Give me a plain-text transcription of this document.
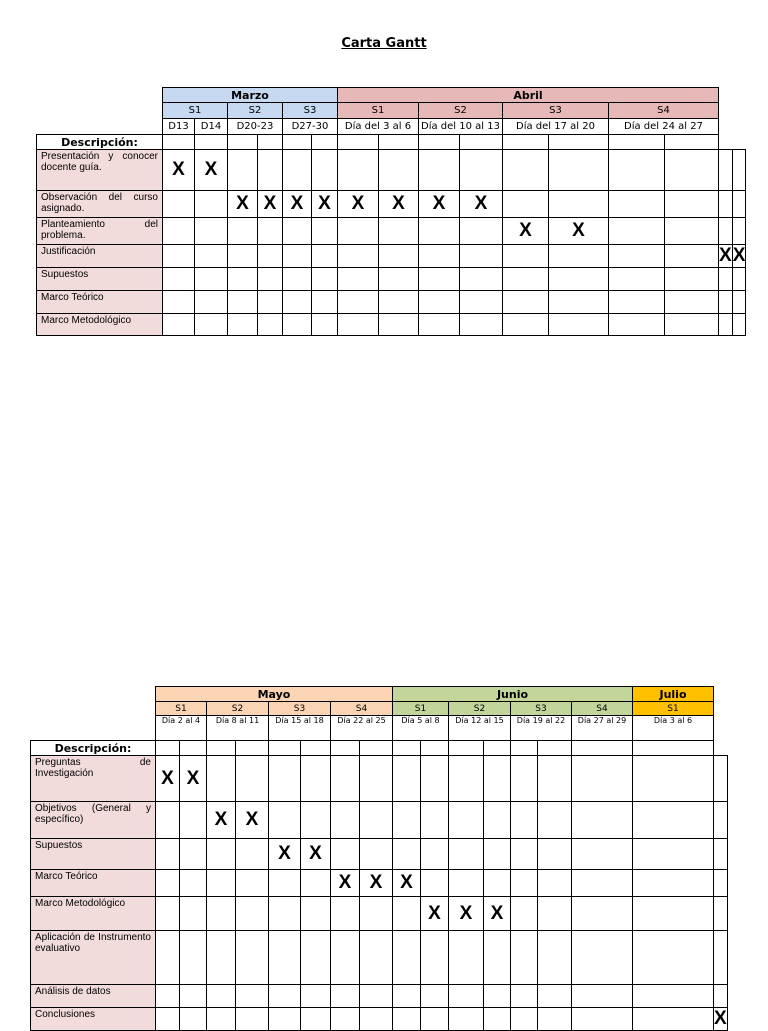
Carta Gantt
	Marzo						Abril									
	S1		S2		S3		S1		S2		S3		S4			
	D13	D14	D20-23		D27-30		Día del 3 al 6		Día del 10 al 13		Día del 17 al 20		Día del 24 al 27			
Descripción:																
Presentación y conocer docente guía.	X	X														
Observación del curso asignado.			X	X	X	X	X	X	X	X						
Planteamiento del problema.											X	X				
Justificación															X	X
Supuestos																
Marco Teórico																
Marco Metodológico																
	Mayo								Junio							Julio	
	S1		S2		S3		S4		S1		S2		S3		S4	S1	
	Día 2 al 4		Día 8 al 11		Día 15 al 18		Día 22 al 25		Día 5 al 8		Día 12 al 15		Día 19 al 22		Día 27 al 29	Día 3 al 6	
Descripción:																	
Preguntas de Investigación	X	X															
Objetivos (General y específico)			X	X													
Supuestos					X	X											
Marco Teórico							X	X	X								
Marco Metodológico										X	X	X					
Aplicación de Instrumento evaluativo																	
Análisis de datos																	
Conclusiones																	X
